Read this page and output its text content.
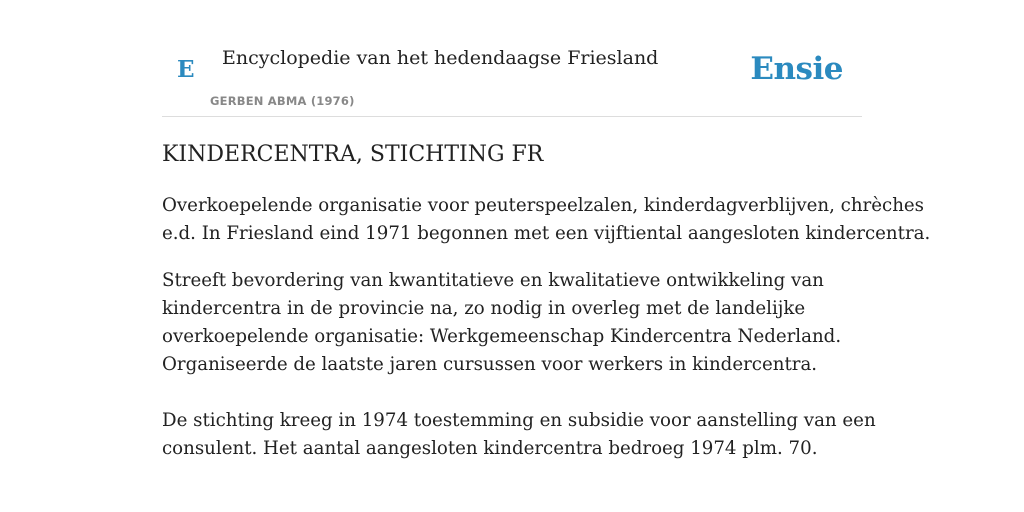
E Encyclopedie van het hedendaagse Friesland
GERBEN ABMA (1976)
Ensie
KINDERCENTRA, STICHTING FR

Overkoepelende organisatie voor peuterspeelzalen, kinderdagverblijven, chrèches
e.d. In Friesland eind 1971 begonnen met een vijftiental aangesloten kindercentra.

Streeft bevordering van kwantitatieve en kwalitatieve ontwikkeling van
kindercentra in de provincie na, zo nodig in overleg met de landelijke
overkoepelende organisatie: Werkgemeenschap Kindercentra Nederland.
Organiseerde de laatste jaren cursussen voor werkers in kindercentra.

De stichting kreeg in 1974 toestemming en subsidie voor aanstelling van een
consulent. Het aantal aangesloten kindercentra bedroeg 1974 plm. 70.
